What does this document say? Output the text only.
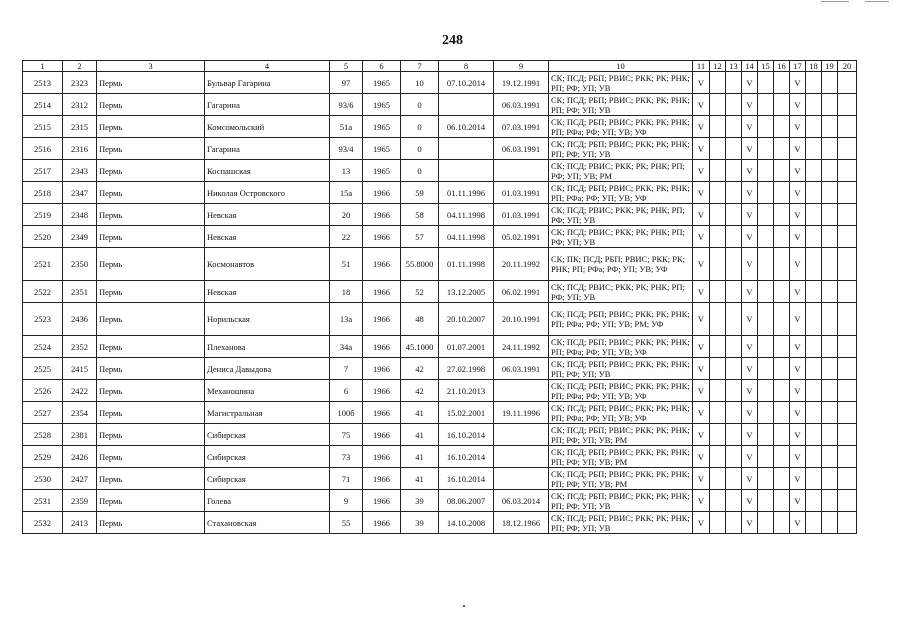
248
1	2	3	4	5	6	7	8	9	10	11	12	13	14	15	16	17	18	19	20
2513	2323	Пермь	Бульвар Гагарина	97	1965	10	07.10.2014	19.12.1991	СК; ПСД; РБП; РВИС; РКК; РК; РНК; РП; РФ; УП; УВ	V			V			V			
2514	2312	Пермь	Гагарина	93/6	1965	0		06.03.1991	СК; ПСД; РБП; РВИС; РКК; РК; РНК; РП; РФ; УП; УВ	V			V			V			
2515	2315	Пермь	Комсомольский	51а	1965	0	06.10.2014	07.03.1991	СК; ПСД; РБП; РВИС; РКК; РК; РНК; РП; РФа; РФ; УП; УВ; УФ	V			V			V			
2516	2316	Пермь	Гагарина	93/4	1965	0		06.03.1991	СК; ПСД; РБП; РВИС; РКК; РК; РНК; РП; РФ; УП; УВ	V			V			V			
2517	2343	Пермь	Коспашская	13	1965	0			СК; ПСД; РВИС; РКК; РК; РНК; РП; РФ; УП; УВ; РМ	V			V			V			
2518	2347	Пермь	Николая Островского	15а	1966	59	01.11.1996	01.03.1991	СК; ПСД; РБП; РВИС; РКК; РК; РНК; РП; РФа; РФ; УП; УВ; УФ	V			V			V			
2519	2348	Пермь	Невская	20	1966	58	04.11.1998	01.03.1991	СК; ПСД; РВИС; РКК; РК; РНК; РП; РФ; УП; УВ	V			V			V			
2520	2349	Пермь	Невская	22	1966	57	04.11.1998	05.02.1991	СК; ПСД; РВИС; РКК; РК; РНК; РП; РФ; УП; УВ	V			V			V			
2521	2350	Пермь	Космонавтов	51	1966	55.8000	01.11.1998	20.11.1992	СК; ПК; ПСД; РБП; РВИС; РКК; РК; РНК; РП; РФа; РФ; УП; УВ; УФ	V			V			V			
2522	2351	Пермь	Невская	18	1966	52	13.12.2005	06.02.1991	СК; ПСД; РВИС; РКК; РК; РНК; РП; РФ; УП; УВ	V			V			V			
2523	2436	Пермь	Норильская	13а	1966	48	20.10.2007	20.10.1991	СК; ПСД; РБП; РВИС; РКК; РК; РНК; РП; РФа; РФ; УП; УВ; РМ; УФ	V			V			V			
2524	2352	Пермь	Плеханова	34а	1966	45.1000	01.07.2001	24.11.1992	СК; ПСД; РБП; РВИС; РКК; РК; РНК; РП; РФа; РФ; УП; УВ; УФ	V			V			V			
2525	2415	Пермь	Дениса Давыдова	7	1966	42	27.02.1998	06.03.1991	СК; ПСД; РБП; РВИС; РКК; РК; РНК; РП; РФ; УП; УВ	V			V			V			
2526	2422	Пермь	Механошина	6	1966	42	21.10.2013		СК; ПСД; РБП; РВИС; РКК; РК; РНК; РП; РФа; РФ; УП; УВ; УФ	V			V			V			
2527	2354	Пермь	Магистральная	100б	1966	41	15.02.2001	19.11.1996	СК; ПСД; РБП; РВИС; РКК; РК; РНК; РП; РФа; РФ; УП; УВ; УФ	V			V			V			
2528	2381	Пермь	Сибирская	75	1966	41	16.10.2014		СК; ПСД; РБП; РВИС; РКК; РК; РНК; РП; РФ; УП; УВ; РМ	V			V			V			
2529	2426	Пермь	Сибирская	73	1966	41	16.10.2014		СК; ПСД; РБП; РВИС; РКК; РК; РНК; РП; РФ; УП; УВ; РМ	V			V			V			
2530	2427	Пермь	Сибирская	71	1966	41	16.10.2014		СК; ПСД; РБП; РВИС; РКК; РК; РНК; РП; РФ; УП; УВ; РМ	V			V			V			
2531	2359	Пермь	Голева	9	1966	39	08.06.2007	06.03.2014	СК; ПСД; РБП; РВИС; РКК; РК; РНК; РП; РФ; УП; УВ	V			V			V			
2532	2413	Пермь	Стахановская	55	1966	39	14.10.2008	18.12.1966	СК; ПСД; РБП; РВИС; РКК; РК; РНК; РП; РФ; УП; УВ	V			V			V			
